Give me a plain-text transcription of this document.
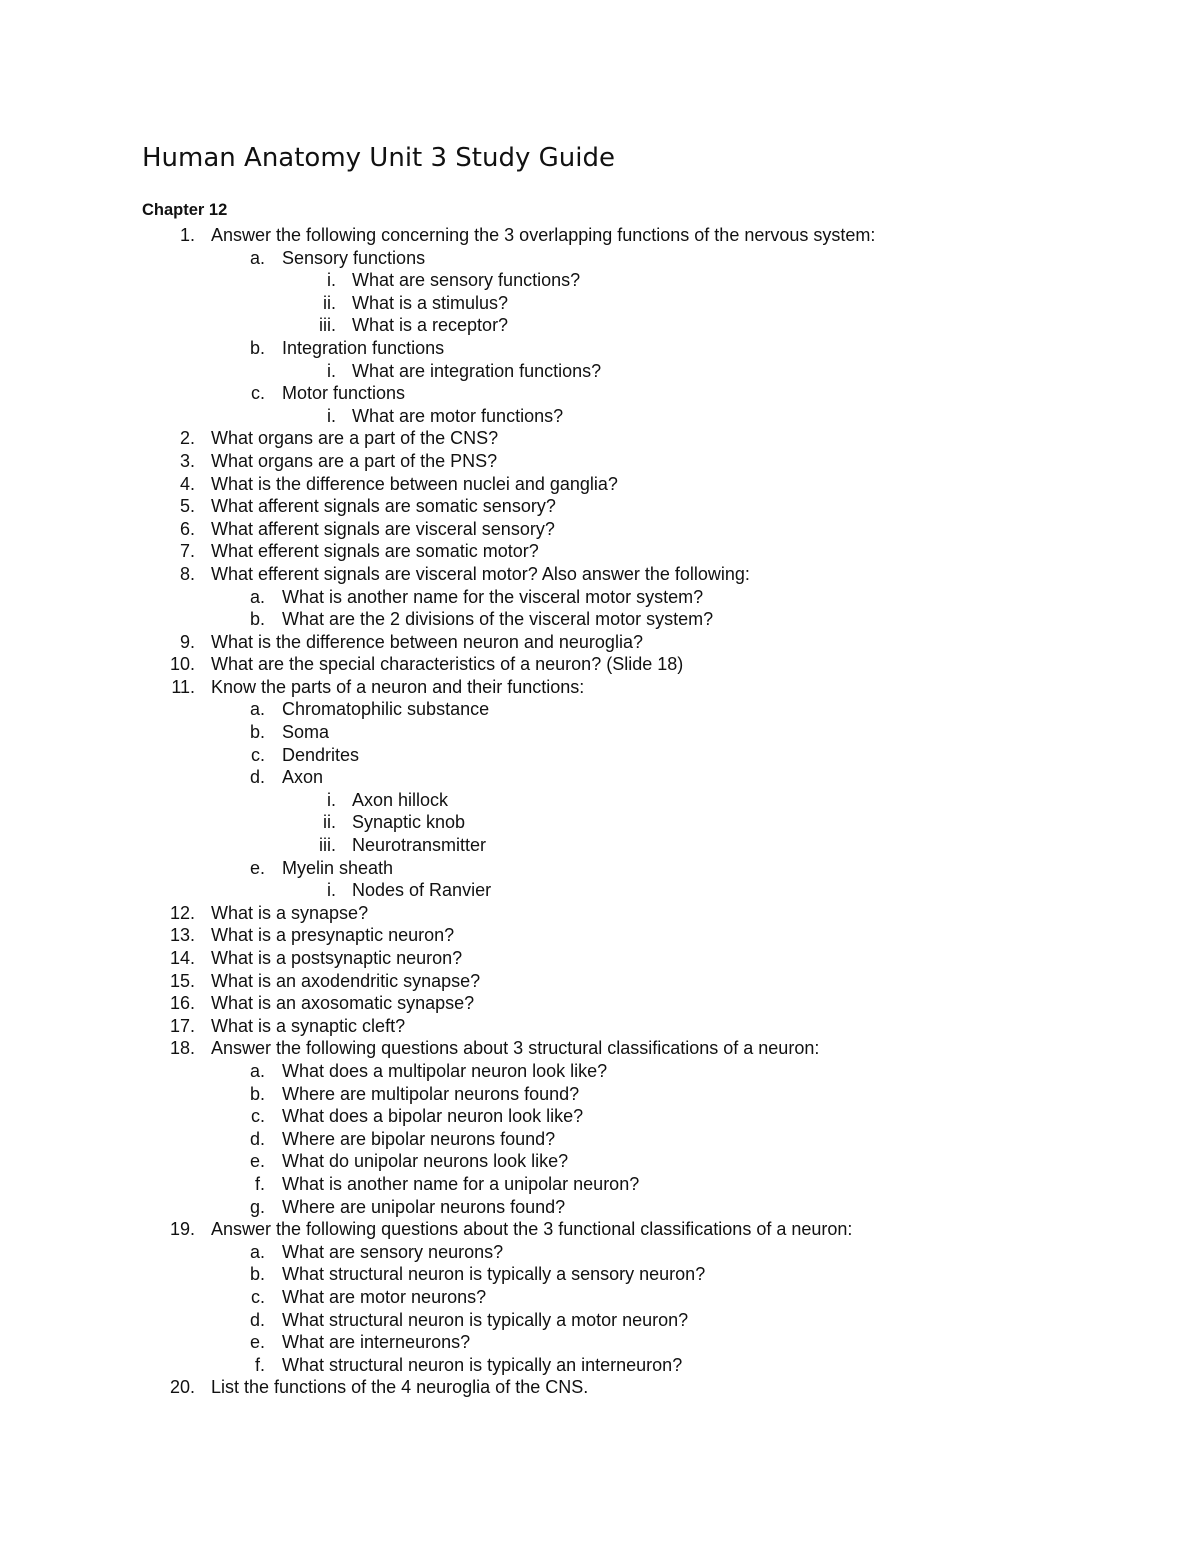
Human Anatomy Unit 3 Study Guide
Chapter 12
1. Answer the following concerning the 3 overlapping functions of the nervous system:
a. Sensory functions
i. What are sensory functions?
ii. What is a stimulus?
iii. What is a receptor?
b. Integration functions
i. What are integration functions?
c. Motor functions
i. What are motor functions?
2. What organs are a part of the CNS?
3. What organs are a part of the PNS?
4. What is the difference between nuclei and ganglia?
5. What afferent signals are somatic sensory?
6. What afferent signals are visceral sensory?
7. What efferent signals are somatic motor?
8. What efferent signals are visceral motor? Also answer the following:
a. What is another name for the visceral motor system?
b. What are the 2 divisions of the visceral motor system?
9. What is the difference between neuron and neuroglia?
10. What are the special characteristics of a neuron? (Slide 18)
11. Know the parts of a neuron and their functions:
a. Chromatophilic substance
b. Soma
c. Dendrites
d. Axon
i. Axon hillock
ii. Synaptic knob
iii. Neurotransmitter
e. Myelin sheath
i. Nodes of Ranvier
12. What is a synapse?
13. What is a presynaptic neuron?
14. What is a postsynaptic neuron?
15. What is an axodendritic synapse?
16. What is an axosomatic synapse?
17. What is a synaptic cleft?
18. Answer the following questions about 3 structural classifications of a neuron:
a. What does a multipolar neuron look like?
b. Where are multipolar neurons found?
c. What does a bipolar neuron look like?
d. Where are bipolar neurons found?
e. What do unipolar neurons look like?
f. What is another name for a unipolar neuron?
g. Where are unipolar neurons found?
19. Answer the following questions about the 3 functional classifications of a neuron:
a. What are sensory neurons?
b. What structural neuron is typically a sensory neuron?
c. What are motor neurons?
d. What structural neuron is typically a motor neuron?
e. What are interneurons?
f. What structural neuron is typically an interneuron?
20. List the functions of the 4 neuroglia of the CNS.
